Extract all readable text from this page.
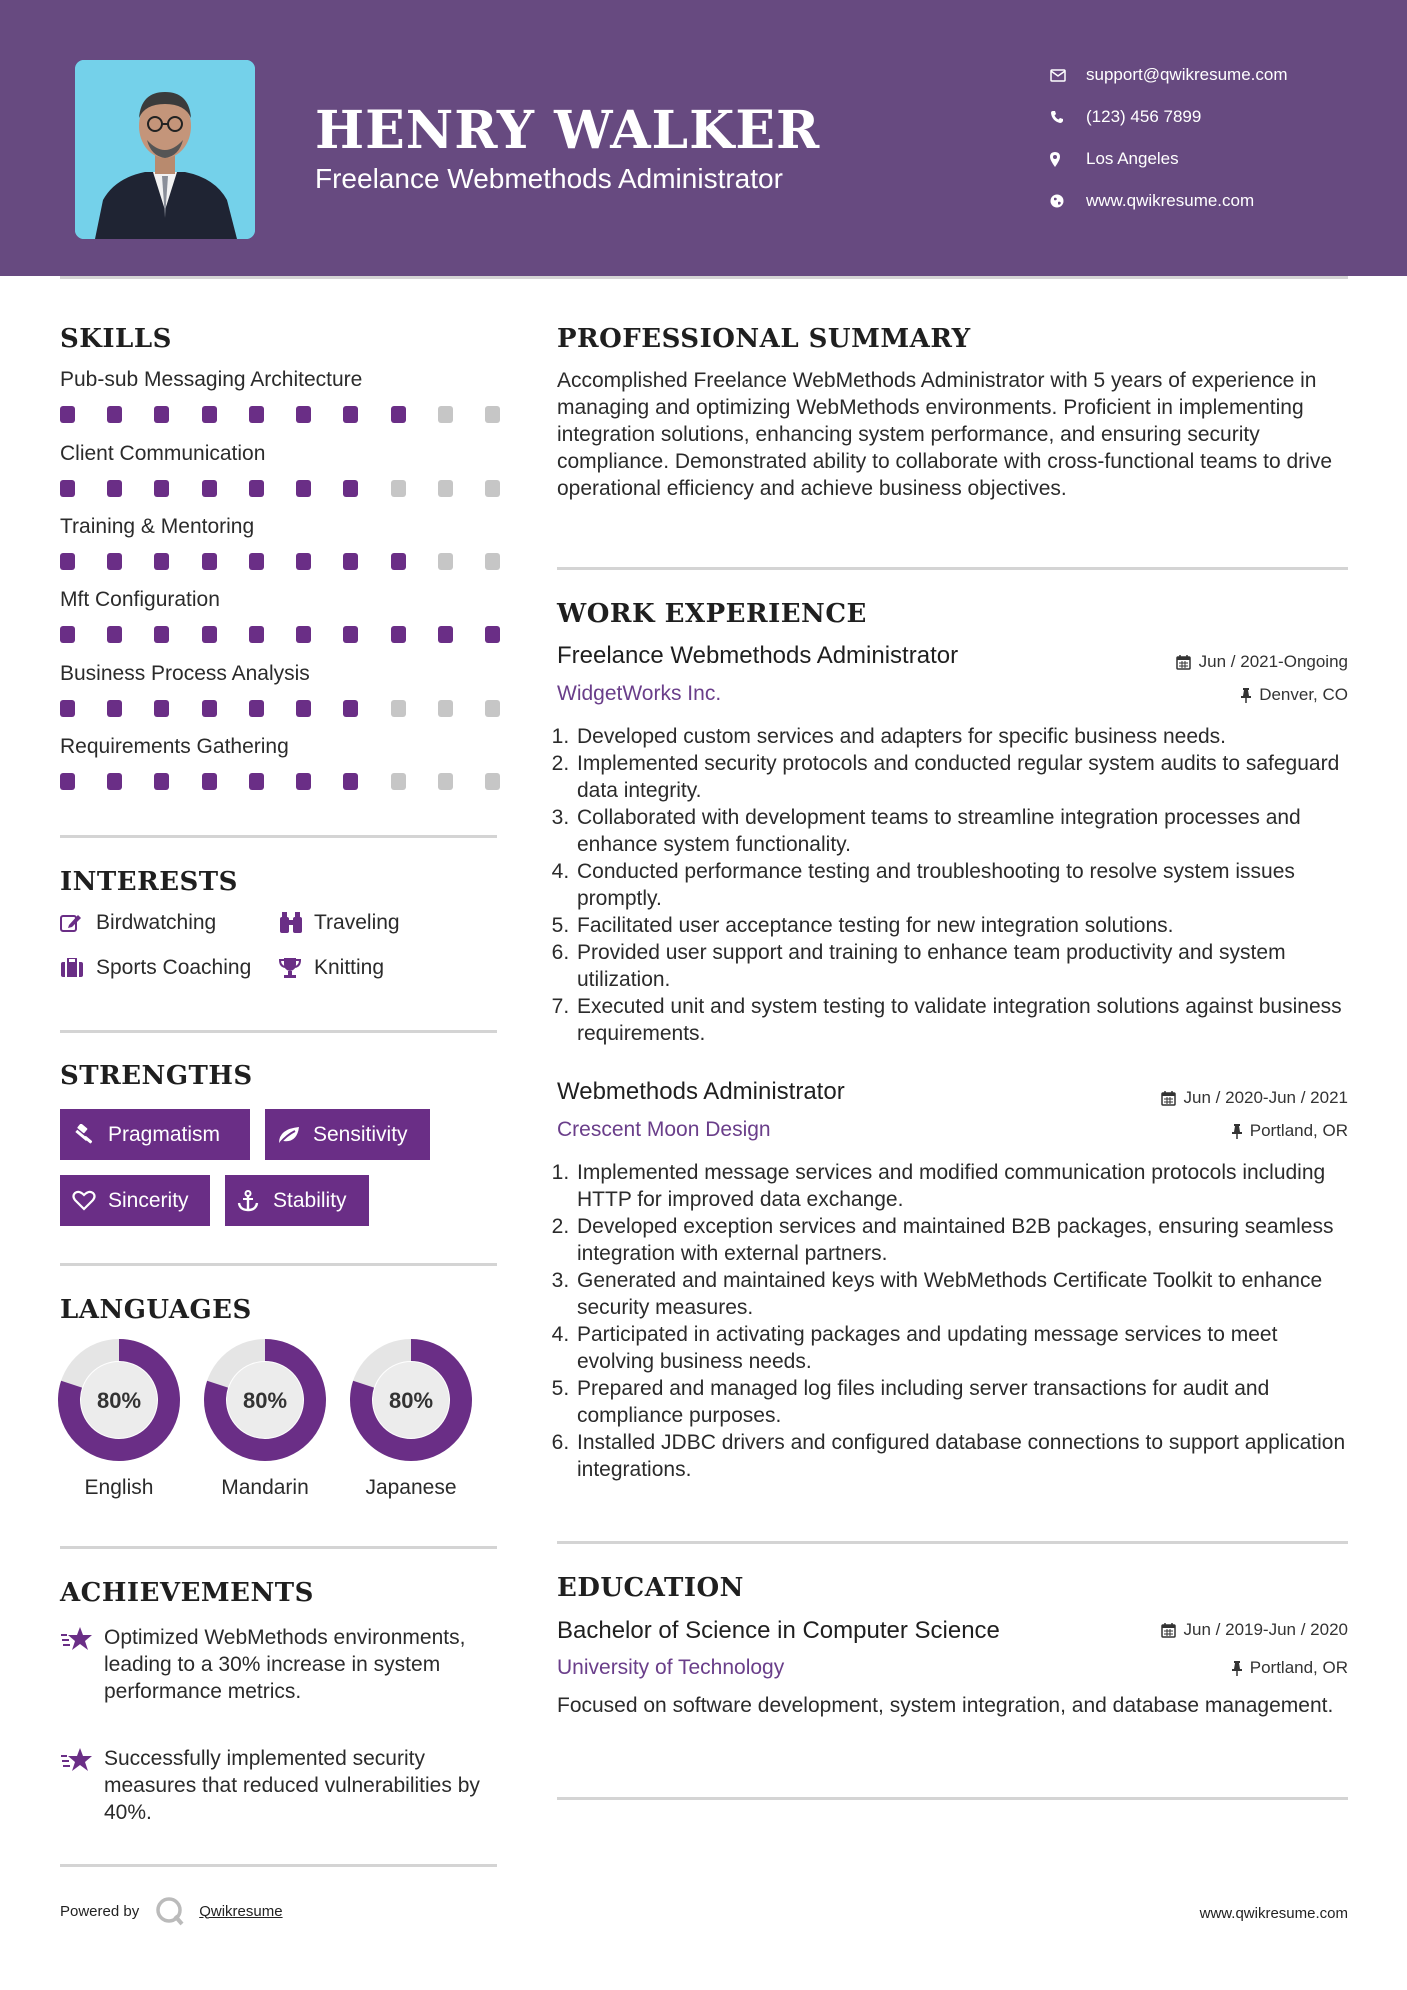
HENRY WALKER
Freelance Webmethods Administrator
support@qwikresume.com
(123) 456 7899
Los Angeles
www.qwikresume.com
SKILLS
Pub-sub Messaging Architecture
Client Communication
Training & Mentoring
Mft Configuration
Business Process Analysis
Requirements Gathering
INTERESTS
Birdwatching	Traveling
Sports Coaching	Knitting
STRENGTHS
Pragmatism	Sensitivity
Sincerity	Stability
LANGUAGES
80%
English
80%
Mandarin
80%
Japanese
ACHIEVEMENTS
Optimized WebMethods environments, leading to a 30% increase in system performance metrics.
Successfully implemented security measures that reduced vulnerabilities by 40%.
PROFESSIONAL SUMMARY
Accomplished Freelance WebMethods Administrator with 5 years of experience in managing and optimizing WebMethods environments. Proficient in implementing integration solutions, enhancing system performance, and ensuring security compliance. Demonstrated ability to collaborate with cross-functional teams to drive operational efficiency and achieve business objectives.
WORK EXPERIENCE
Freelance Webmethods Administrator	Jun / 2021-Ongoing
WidgetWorks Inc.	Denver, CO
1. Developed custom services and adapters for specific business needs.
2. Implemented security protocols and conducted regular system audits to safeguard data integrity.
3. Collaborated with development teams to streamline integration processes and enhance system functionality.
4. Conducted performance testing and troubleshooting to resolve system issues promptly.
5. Facilitated user acceptance testing for new integration solutions.
6. Provided user support and training to enhance team productivity and system utilization.
7. Executed unit and system testing to validate integration solutions against business requirements.
Webmethods Administrator	Jun / 2020-Jun / 2021
Crescent Moon Design	Portland, OR
1. Implemented message services and modified communication protocols including HTTP for improved data exchange.
2. Developed exception services and maintained B2B packages, ensuring seamless integration with external partners.
3. Generated and maintained keys with WebMethods Certificate Toolkit to enhance security measures.
4. Participated in activating packages and updating message services to meet evolving business needs.
5. Prepared and managed log files including server transactions for audit and compliance purposes.
6. Installed JDBC drivers and configured database connections to support application integrations.
EDUCATION
Bachelor of Science in Computer Science	Jun / 2019-Jun / 2020
University of Technology	Portland, OR
Focused on software development, system integration, and database management.
Powered by	Qwikresume	www.qwikresume.com
